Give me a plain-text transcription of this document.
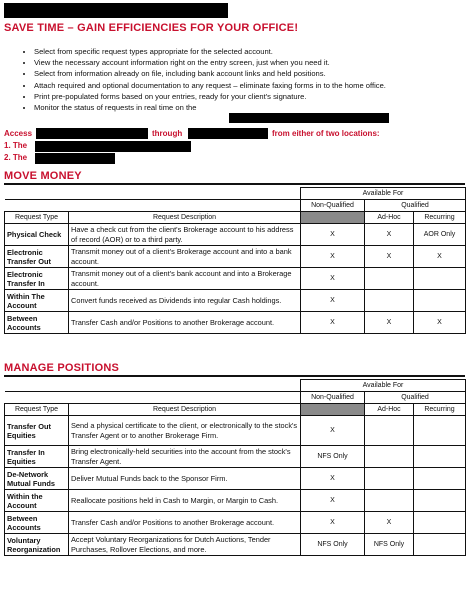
SAVE TIME – GAIN EFFICIENCIES FOR YOUR OFFICE!
• Select from specific request types appropriate for the selected account.
• View the necessary account information right on the entry screen, just when you need it.
• Select from information already on file, including bank account links and held positions.
• Attach required and optional documentation to any request – eliminate faxing forms in to the home office.
• Print pre-populated forms based on your entries, ready for your client's signature.
• Monitor the status of requests in real time on the
Access	through	from either of two locations:
1. The
2. The
MOVE MONEY
		Available For		
		Non-Qualified	Qualified	
Request Type	Request Description		Ad-Hoc	Recurring
Physical Check	Have a check cut from the client's Brokerage account to his address of record (AOR) or to a third party.	X	X	AOR Only
Electronic Transfer Out	Transmit money out of a client's Brokerage account and into a bank account.	X	X	X
Electronic Transfer In	Transmit money out of a client's bank account and into a Brokerage account.	X		
Within The Account	Convert funds received as Dividends into regular Cash holdings.	X		
Between Accounts	Transfer Cash and/or Positions to another Brokerage account.	X	X	X
MANAGE POSITIONS
		Available For		
		Non-Qualified	Qualified	
Request Type	Request Description		Ad-Hoc	Recurring
Transfer Out Equities	Send a physical certificate to the client, or electronically to the stock's Transfer Agent or to another Brokerage Firm.	X		
Transfer In Equities	Bring electronically-held securities into the account from the stock's Transfer Agent.	NFS Only		
De-Network Mutual Funds	Deliver Mutual Funds back to the Sponsor Firm.	X		
Within the Account	Reallocate positions held in Cash to Margin, or Margin to Cash.	X		
Between Accounts	Transfer Cash and/or Positions to another Brokerage account.	X	X	
Voluntary Reorganization	Accept Voluntary Reorganizations for Dutch Auctions, Tender Purchases, Rollover Elections, and more.	NFS Only	NFS Only	
